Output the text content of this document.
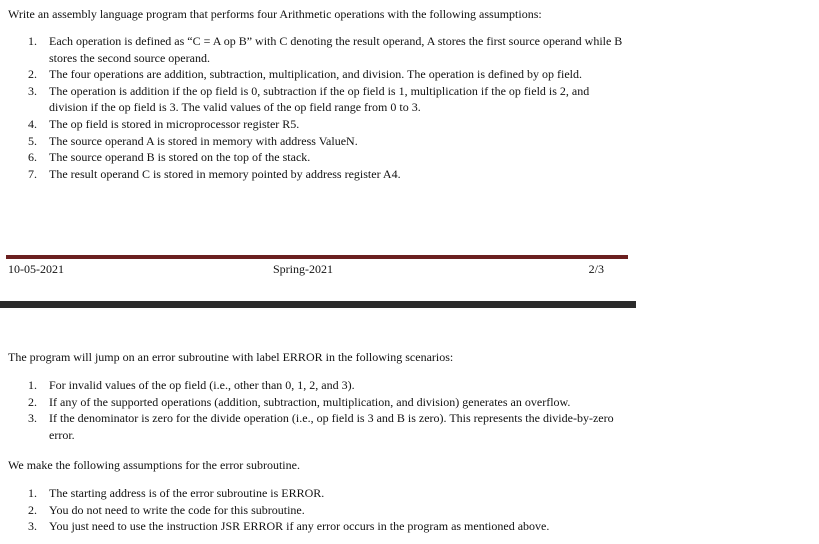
Write an assembly language program that performs four Arithmetic operations with the following assumptions:

1. Each operation is defined as “C = A op B” with C denoting the result operand, A stores the first source operand while B stores the second source operand.
2. The four operations are addition, subtraction, multiplication, and division. The operation is defined by op field.
3. The operation is addition if the op field is 0, subtraction if the op field is 1, multiplication if the op field is 2, and division if the op field is 3. The valid values of the op field range from 0 to 3.
4. The op field is stored in microprocessor register R5.
5. The source operand A is stored in memory with address ValueN.
6. The source operand B is stored on the top of the stack.
7. The result operand C is stored in memory pointed by address register A4.
10-05-2021	Spring-2021	2/3

The program will jump on an error subroutine with label ERROR in the following scenarios:

1. For invalid values of the op field (i.e., other than 0, 1, 2, and 3).
2. If any of the supported operations (addition, subtraction, multiplication, and division) generates an overflow.
3. If the denominator is zero for the divide operation (i.e., op field is 3 and B is zero). This represents the divide-by-zero error.

We make the following assumptions for the error subroutine.

1. The starting address is of the error subroutine is ERROR.
2. You do not need to write the code for this subroutine.
3. You just need to use the instruction JSR ERROR if any error occurs in the program as mentioned above.
